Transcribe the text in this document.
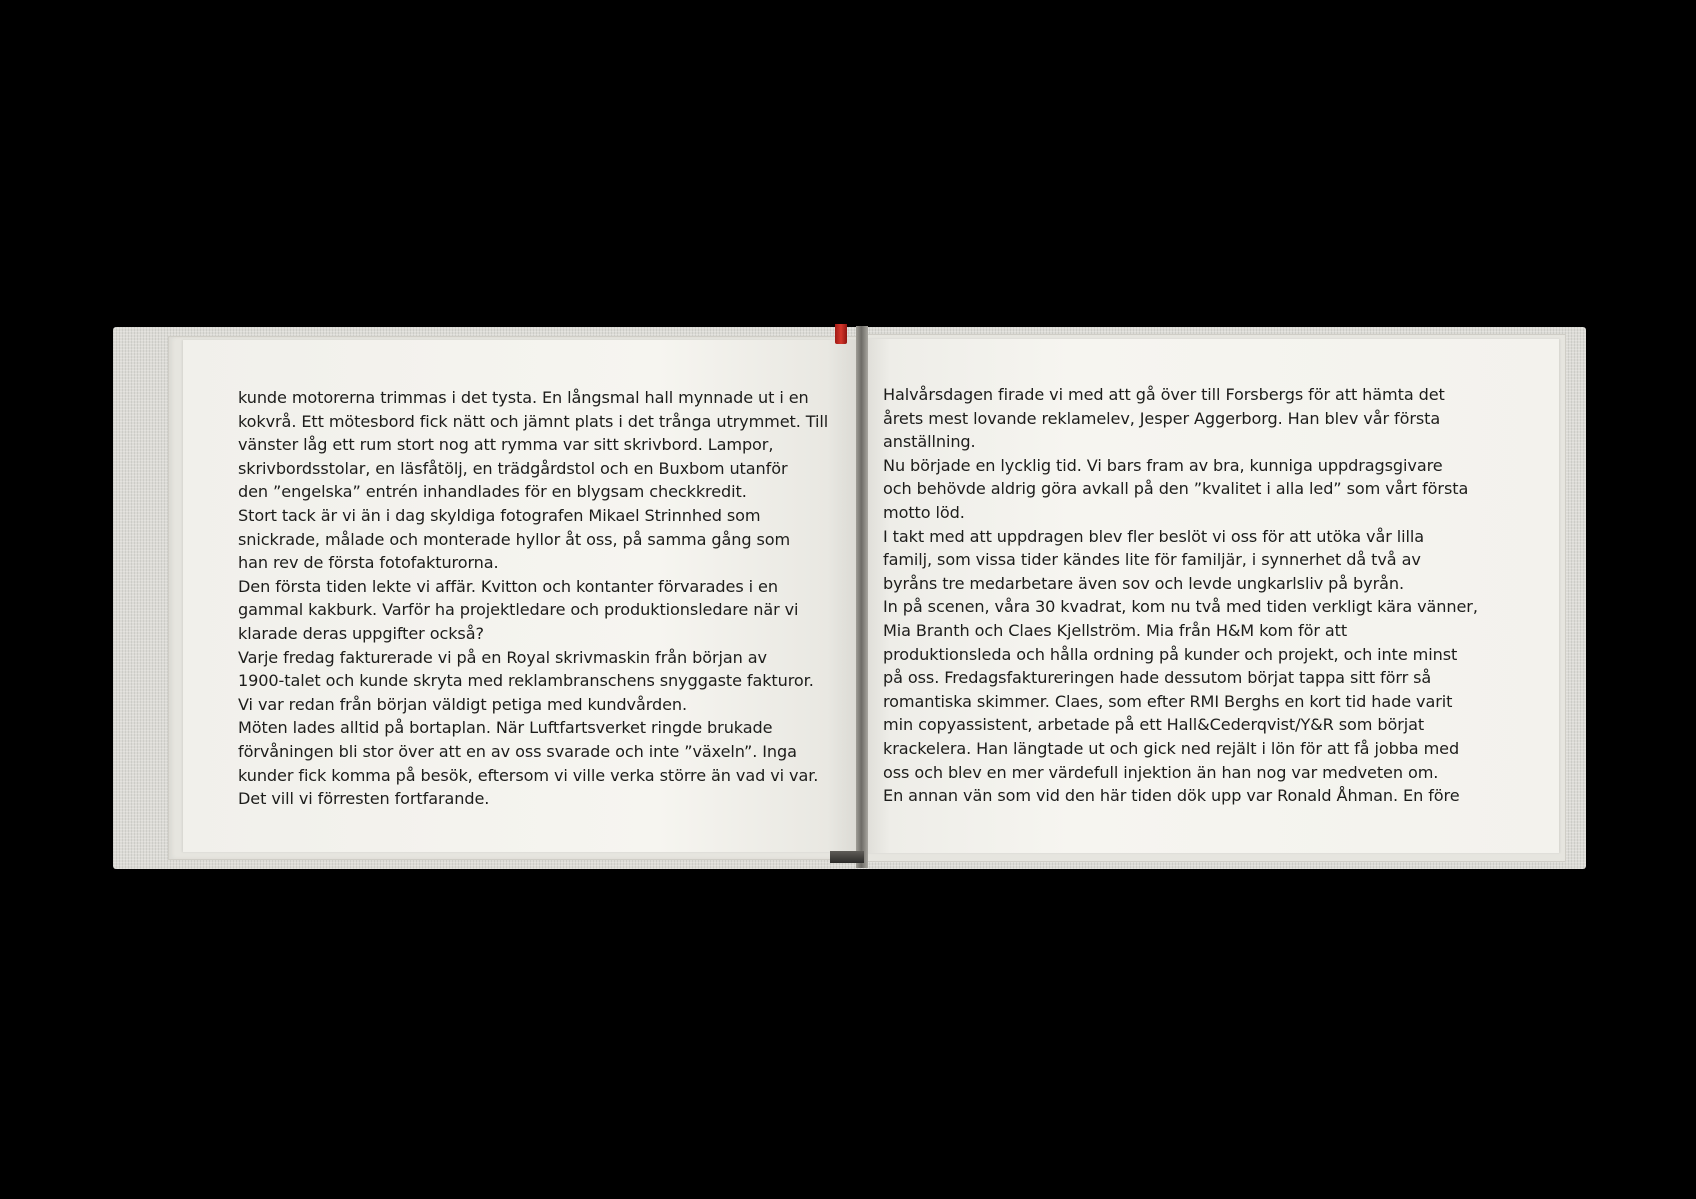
kunde motorerna trimmas i det tysta. En långsmal hall mynnade ut i en
kokvrå. Ett mötesbord fick nätt och jämnt plats i det trånga utrymmet. Till
vänster låg ett rum stort nog att rymma var sitt skrivbord. Lampor,
skrivbordsstolar, en läsfåtölj, en trädgårdstol och en Buxbom utanför
den ”engelska” entrén inhandlades för en blygsam checkkredit.
Stort tack är vi än i dag skyldiga fotografen Mikael Strinnhed som
snickrade, målade och monterade hyllor åt oss, på samma gång som
han rev de första fotofakturorna.
Den första tiden lekte vi affär. Kvitton och kontanter förvarades i en
gammal kakburk. Varför ha projektledare och produktionsledare när vi
klarade deras uppgifter också?
Varje fredag fakturerade vi på en Royal skrivmaskin från början av
1900-talet och kunde skryta med reklambranschens snyggaste fakturor.
Vi var redan från början väldigt petiga med kundvården.
Möten lades alltid på bortaplan. När Luftfartsverket ringde brukade
förvåningen bli stor över att en av oss svarade och inte ”växeln”. Inga
kunder fick komma på besök, eftersom vi ville verka större än vad vi var.
Det vill vi förresten fortfarande.
Halvårsdagen firade vi med att gå över till Forsbergs för att hämta det
årets mest lovande reklamelev, Jesper Aggerborg. Han blev vår första
anställning.
Nu började en lycklig tid. Vi bars fram av bra, kunniga uppdragsgivare
och behövde aldrig göra avkall på den ”kvalitet i alla led” som vårt första
motto löd.
I takt med att uppdragen blev fler beslöt vi oss för att utöka vår lilla
familj, som vissa tider kändes lite för familjär, i synnerhet då två av
byråns tre medarbetare även sov och levde ungkarlsliv på byrån.
In på scenen, våra 30 kvadrat, kom nu två med tiden verkligt kära vänner,
Mia Branth och Claes Kjellström. Mia från H&M kom för att
produktionsleda och hålla ordning på kunder och projekt, och inte minst
på oss. Fredagsfaktureringen hade dessutom börjat tappa sitt förr så
romantiska skimmer. Claes, som efter RMI Berghs en kort tid hade varit
min copyassistent, arbetade på ett Hall&Cederqvist/Y&R som börjat
krackelera. Han längtade ut och gick ned rejält i lön för att få jobba med
oss och blev en mer värdefull injektion än han nog var medveten om.
En annan vän som vid den här tiden dök upp var Ronald Åhman. En före
